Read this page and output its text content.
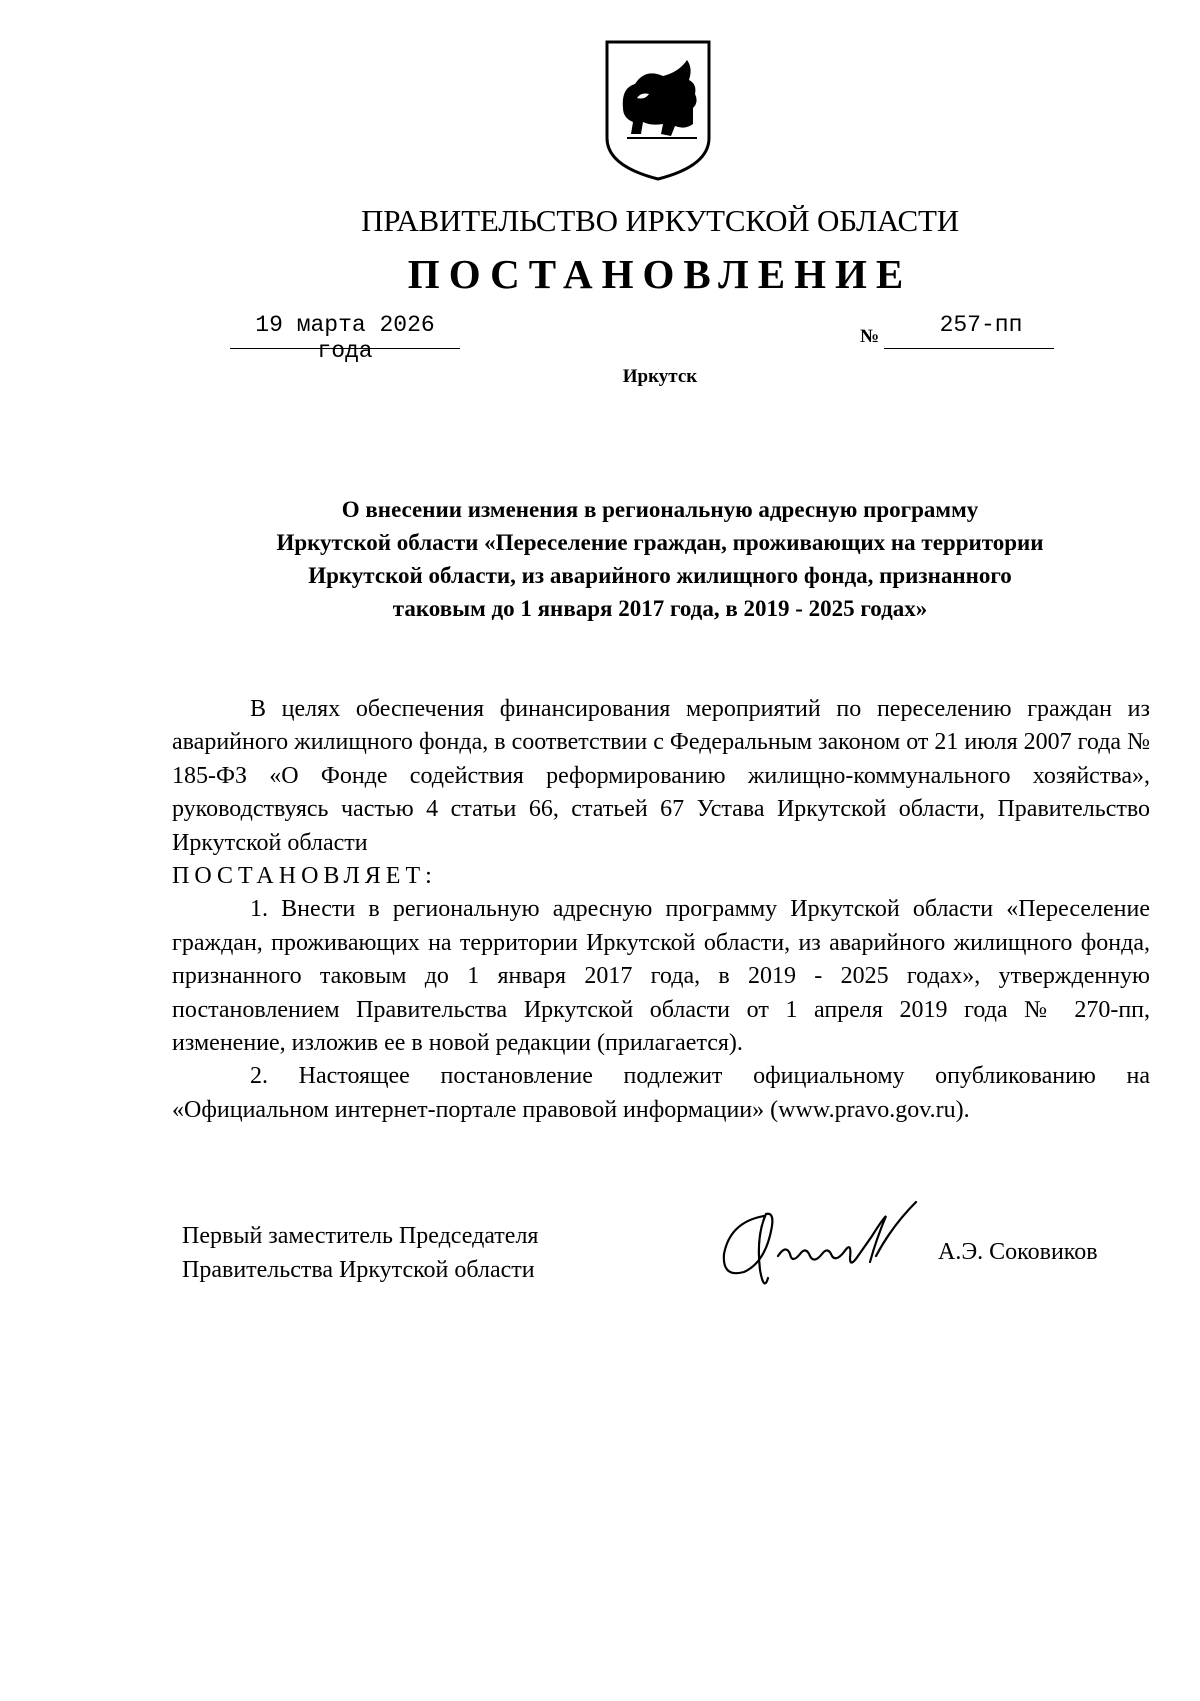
ПРАВИТЕЛЬСТВО ИРКУТСКОЙ ОБЛАСТИ
ПОСТАНОВЛЕНИЕ
19 марта 2026 года
№	257-пп
Иркутск
О внесении изменения в региональную адресную программу
Иркутской области «Переселение граждан, проживающих на территории
Иркутской области, из аварийного жилищного фонда, признанного
таковым до 1 января 2017 года, в 2019 - 2025 годах»

В целях обеспечения финансирования мероприятий по переселению граждан из аварийного жилищного фонда, в соответствии с Федеральным законом от 21 июля 2007 года № 185-ФЗ «О Фонде содействия реформированию жилищно-коммунального хозяйства», руководствуясь частью 4 статьи 66, статьей 67 Устава Иркутской области, Правительство Иркутской области

ПОСТАНОВЛЯЕТ:

1. Внести в региональную адресную программу Иркутской области «Переселение граждан, проживающих на территории Иркутской области, из аварийного жилищного фонда, признанного таковым до 1 января 2017 года, в 2019 - 2025 годах», утвержденную постановлением Правительства Иркутской области от 1 апреля 2019 года № 270-пп, изменение, изложив ее в новой редакции (прилагается).

2. Настоящее постановление подлежит официальному опубликованию на «Официальном интернет-портале правовой информации» (www.pravo.gov.ru).

Первый заместитель Председателя
Правительства Иркутской области
А.Э. Соковиков
